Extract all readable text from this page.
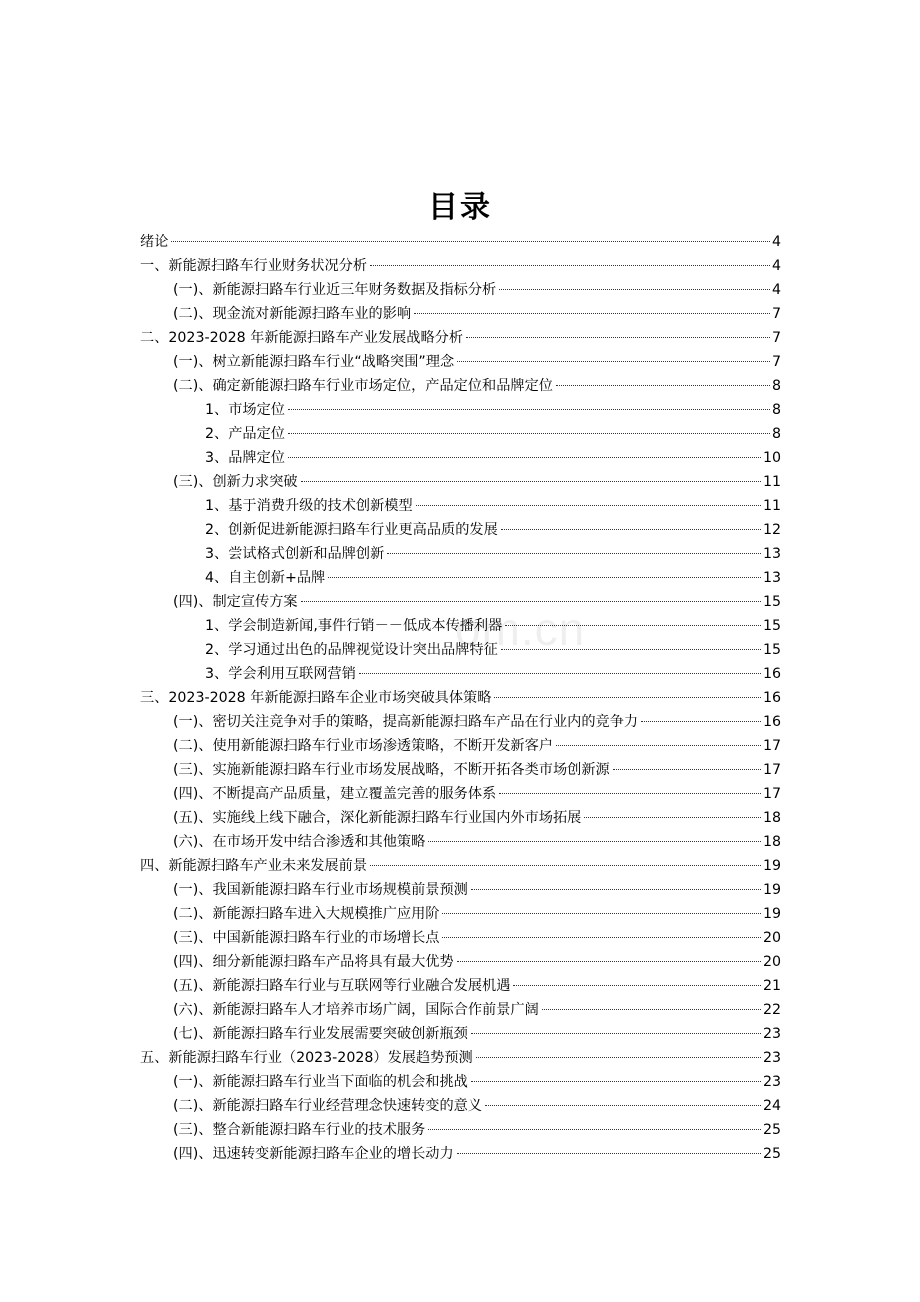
目录
om.cn
绪论	4
一、新能源扫路车行业财务状况分析	4
(一)、新能源扫路车行业近三年财务数据及指标分析	4
(二)、现金流对新能源扫路车业的影响	7
二、2023-2028 年新能源扫路车产业发展战略分析	7
(一)、树立新能源扫路车行业“战略突围”理念	7
(二)、确定新能源扫路车行业市场定位，产品定位和品牌定位	8
1、市场定位	8
2、产品定位	8
3、品牌定位	10
(三)、创新力求突破	11
1、基于消费升级的技术创新模型	11
2、创新促进新能源扫路车行业更高品质的发展	12
3、尝试格式创新和品牌创新	13
4、自主创新+品牌	13
(四)、制定宣传方案	15
1、学会制造新闻,事件行销－－低成本传播利器	15
2、学习通过出色的品牌视觉设计突出品牌特征	15
3、学会利用互联网营销	16
三、2023-2028 年新能源扫路车企业市场突破具体策略	16
(一)、密切关注竞争对手的策略，提高新能源扫路车产品在行业内的竞争力	16
(二)、使用新能源扫路车行业市场渗透策略，不断开发新客户	17
(三)、实施新能源扫路车行业市场发展战略，不断开拓各类市场创新源	17
(四)、不断提高产品质量，建立覆盖完善的服务体系	17
(五)、实施线上线下融合，深化新能源扫路车行业国内外市场拓展	18
(六)、在市场开发中结合渗透和其他策略	18
四、新能源扫路车产业未来发展前景	19
(一)、我国新能源扫路车行业市场规模前景预测	19
(二)、新能源扫路车进入大规模推广应用阶	19
(三)、中国新能源扫路车行业的市场增长点	20
(四)、细分新能源扫路车产品将具有最大优势	20
(五)、新能源扫路车行业与互联网等行业融合发展机遇	21
(六)、新能源扫路车人才培养市场广阔，国际合作前景广阔	22
(七)、新能源扫路车行业发展需要突破创新瓶颈	23
五、新能源扫路车行业（2023-2028）发展趋势预测	23
(一)、新能源扫路车行业当下面临的机会和挑战	23
(二)、新能源扫路车行业经营理念快速转变的意义	24
(三)、整合新能源扫路车行业的技术服务	25
(四)、迅速转变新能源扫路车企业的增长动力	25
